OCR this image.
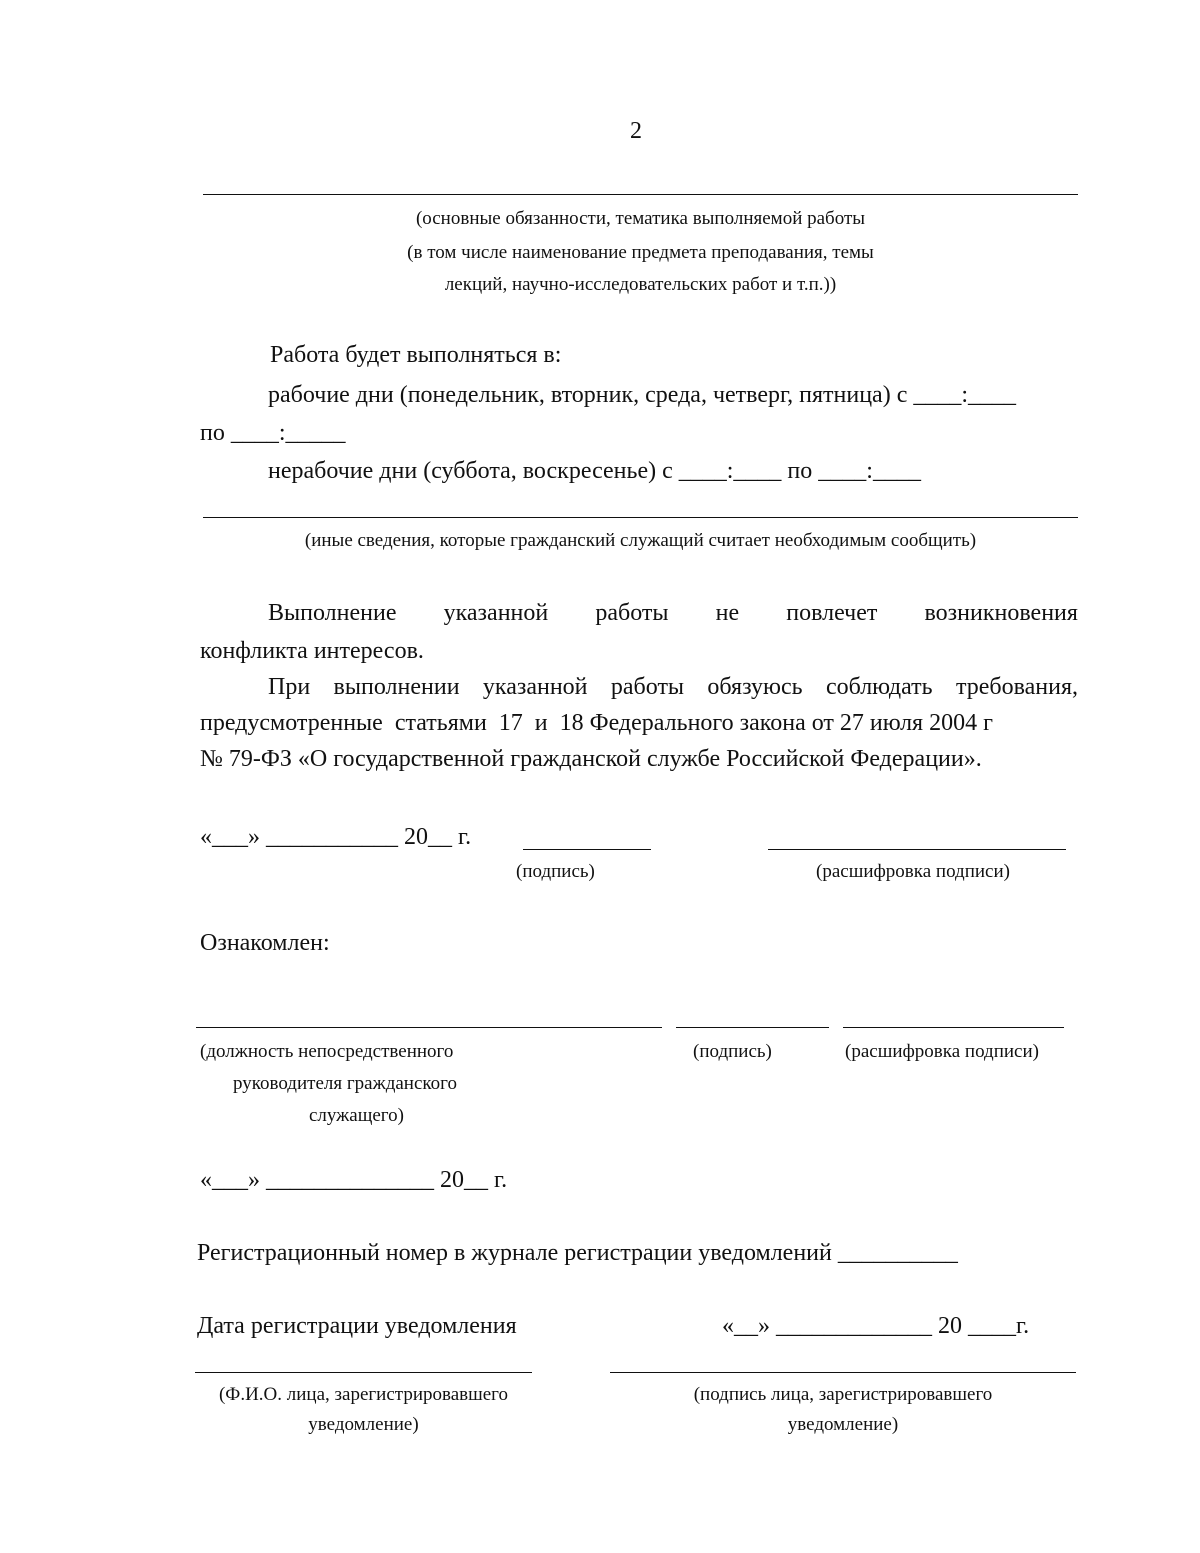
2
(основные обязанности, тематика выполняемой работы
(в том числе наименование предмета преподавания, темы
лекций, научно-исследовательских работ и т.п.))
Работа будет выполняться в:
рабочие дни (понедельник, вторник, среда, четверг, пятница) с ____:____
по ____:_____
нерабочие дни (суббота, воскресенье) с ____:____ по ____:____
(иные сведения, которые гражданский служащий считает необходимым сообщить)
Выполнение указанной работы не повлечет возникновения
конфликта интересов.
При выполнении указанной работы обязуюсь соблюдать требования,
предусмотренные  статьями  17  и  18 Федерального закона от 27 июля 2004 г
№ 79-ФЗ «О государственной гражданской службе Российской Федерации».
«___» ___________ 20__ г.
(подпись)	(расшифровка подписи)
Ознакомлен:
(должность непосредственного
руководителя гражданского
служащего)
(подпись)	(расшифровка подписи)
«___» ______________ 20__ г.
Регистрационный номер в журнале регистрации уведомлений __________
Дата регистрации уведомления	«__» _____________ 20 ____г.
(Ф.И.О. лица, зарегистрировавшего
уведомление)
(подпись лица, зарегистрировавшего
уведомление)
